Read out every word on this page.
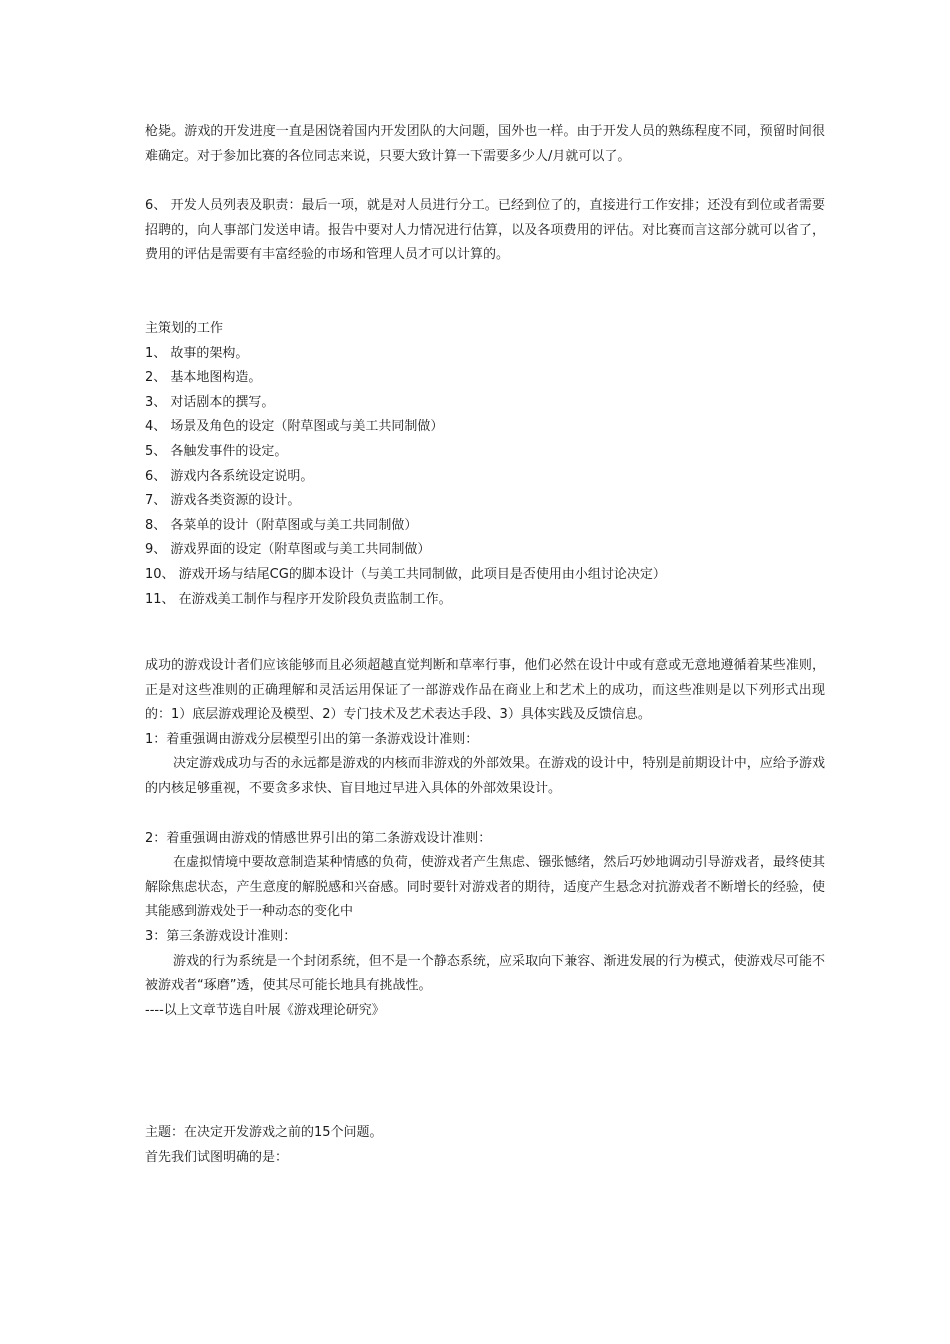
枪毙。游戏的开发进度一直是困饶着国内开发团队的大问题，国外也一样。由于开发人员的熟练程度不同，预留时间很难确定。对于参加比赛的各位同志来说，只要大致计算一下需要多少人/月就可以了。

6、 开发人员列表及职责：最后一项，就是对人员进行分工。已经到位了的，直接进行工作安排；还没有到位或者需要招聘的，向人事部门发送申请。报告中要对人力情况进行估算，以及各项费用的评估。对比赛而言这部分就可以省了，费用的评估是需要有丰富经验的市场和管理人员才可以计算的。

主策划的工作

1、 故事的架构。
2、 基本地图构造。
3、 对话剧本的撰写。
4、 场景及角色的设定（附草图或与美工共同制做）
5、 各触发事件的设定。
6、 游戏内各系统设定说明。
7、 游戏各类资源的设计。
8、 各菜单的设计（附草图或与美工共同制做）
9、 游戏界面的设定（附草图或与美工共同制做）
10、 游戏开场与结尾CG的脚本设计（与美工共同制做，此项目是否使用由小组讨论决定）
11、 在游戏美工制作与程序开发阶段负责监制工作。

成功的游戏设计者们应该能够而且必须超越直觉判断和草率行事，他们必然在设计中或有意或无意地遵循着某些准则，正是对这些准则的正确理解和灵活运用保证了一部游戏作品在商业上和艺术上的成功，而这些准则是以下列形式出现的：1）底层游戏理论及模型、2）专门技术及艺术表达手段、3）具体实践及反馈信息。

1：着重强调由游戏分层模型引出的第一条游戏设计准则：

决定游戏成功与否的永远都是游戏的内核而非游戏的外部效果。在游戏的设计中，特别是前期设计中，应给予游戏的内核足够重视，不要贪多求快、盲目地过早进入具体的外部效果设计。

2：着重强调由游戏的情感世界引出的第二条游戏设计准则：

在虚拟情境中要故意制造某种情感的负荷，使游戏者产生焦虑、镪张憾绪，然后巧妙地调动引导游戏者，最终使其解除焦虑状态，产生意度的解脱感和兴奋感。同时要针对游戏者的期待，适度产生悬念对抗游戏者不断增长的经验，使其能感到游戏处于一种动态的变化中

3：第三条游戏设计准则：

游戏的行为系统是一个封闭系统，但不是一个静态系统，应采取向下兼容、渐进发展的行为模式，使游戏尽可能不被游戏者“琢磨”透，使其尽可能长地具有挑战性。

----以上文章节选自叶展《游戏理论研究》

主题：在决定开发游戏之前的15个问题。

首先我们试图明确的是：
